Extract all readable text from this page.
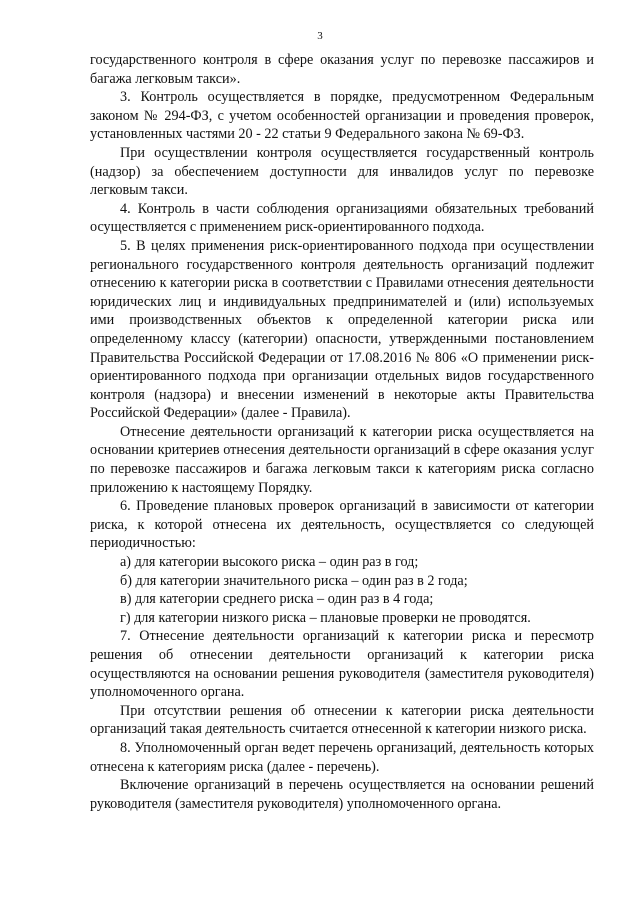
3

государственного контроля в сфере оказания услуг по перевозке пассажиров и багажа легковым такси».

3. Контроль осуществляется в порядке, предусмотренном Федеральным законом № 294-ФЗ, с учетом особенностей организации и проведения проверок, установленных частями 20 - 22 статьи 9 Федерального закона № 69-ФЗ.

При осуществлении контроля осуществляется государственный контроль (надзор) за обеспечением доступности для инвалидов услуг по перевозке легковым такси.

4. Контроль в части соблюдения организациями обязательных требований осуществляется с применением риск-ориентированного подхода.

5. В целях применения риск-ориентированного подхода при осуществлении регионального государственного контроля деятельность организаций подлежит отнесению к категории риска в соответствии с Правилами отнесения деятельности юридических лиц и индивидуальных предпринимателей и (или) используемых ими производственных объектов к определенной категории риска или определенному классу (категории) опасности, утвержденными постановлением Правительства Российской Федерации от 17.08.2016 № 806 «О применении риск-ориентированного подхода при организации отдельных видов государственного контроля (надзора) и внесении изменений в некоторые акты Правительства Российской Федерации» (далее - Правила).

Отнесение деятельности организаций к категории риска осуществляется на основании критериев отнесения деятельности организаций в сфере оказания услуг по перевозке пассажиров и багажа легковым такси к категориям риска согласно приложению к настоящему Порядку.

6. Проведение плановых проверок организаций в зависимости от категории риска, к которой отнесена их деятельность, осуществляется со следующей периодичностью:

а) для категории высокого риска – один раз в год;

б) для категории значительного риска – один раз в 2 года;

в) для категории среднего риска – один раз в 4 года;

г) для категории низкого риска – плановые проверки не проводятся.

7. Отнесение деятельности организаций к категории риска и пересмотр решения об отнесении деятельности организаций к категории риска осуществляются на основании решения руководителя (заместителя руководителя) уполномоченного органа.

При отсутствии решения об отнесении к категории риска деятельности организаций такая деятельность считается отнесенной к категории низкого риска.

8. Уполномоченный орган ведет перечень организаций, деятельность которых отнесена к категориям риска (далее - перечень).

Включение организаций в перечень осуществляется на основании решений руководителя (заместителя руководителя) уполномоченного органа.
